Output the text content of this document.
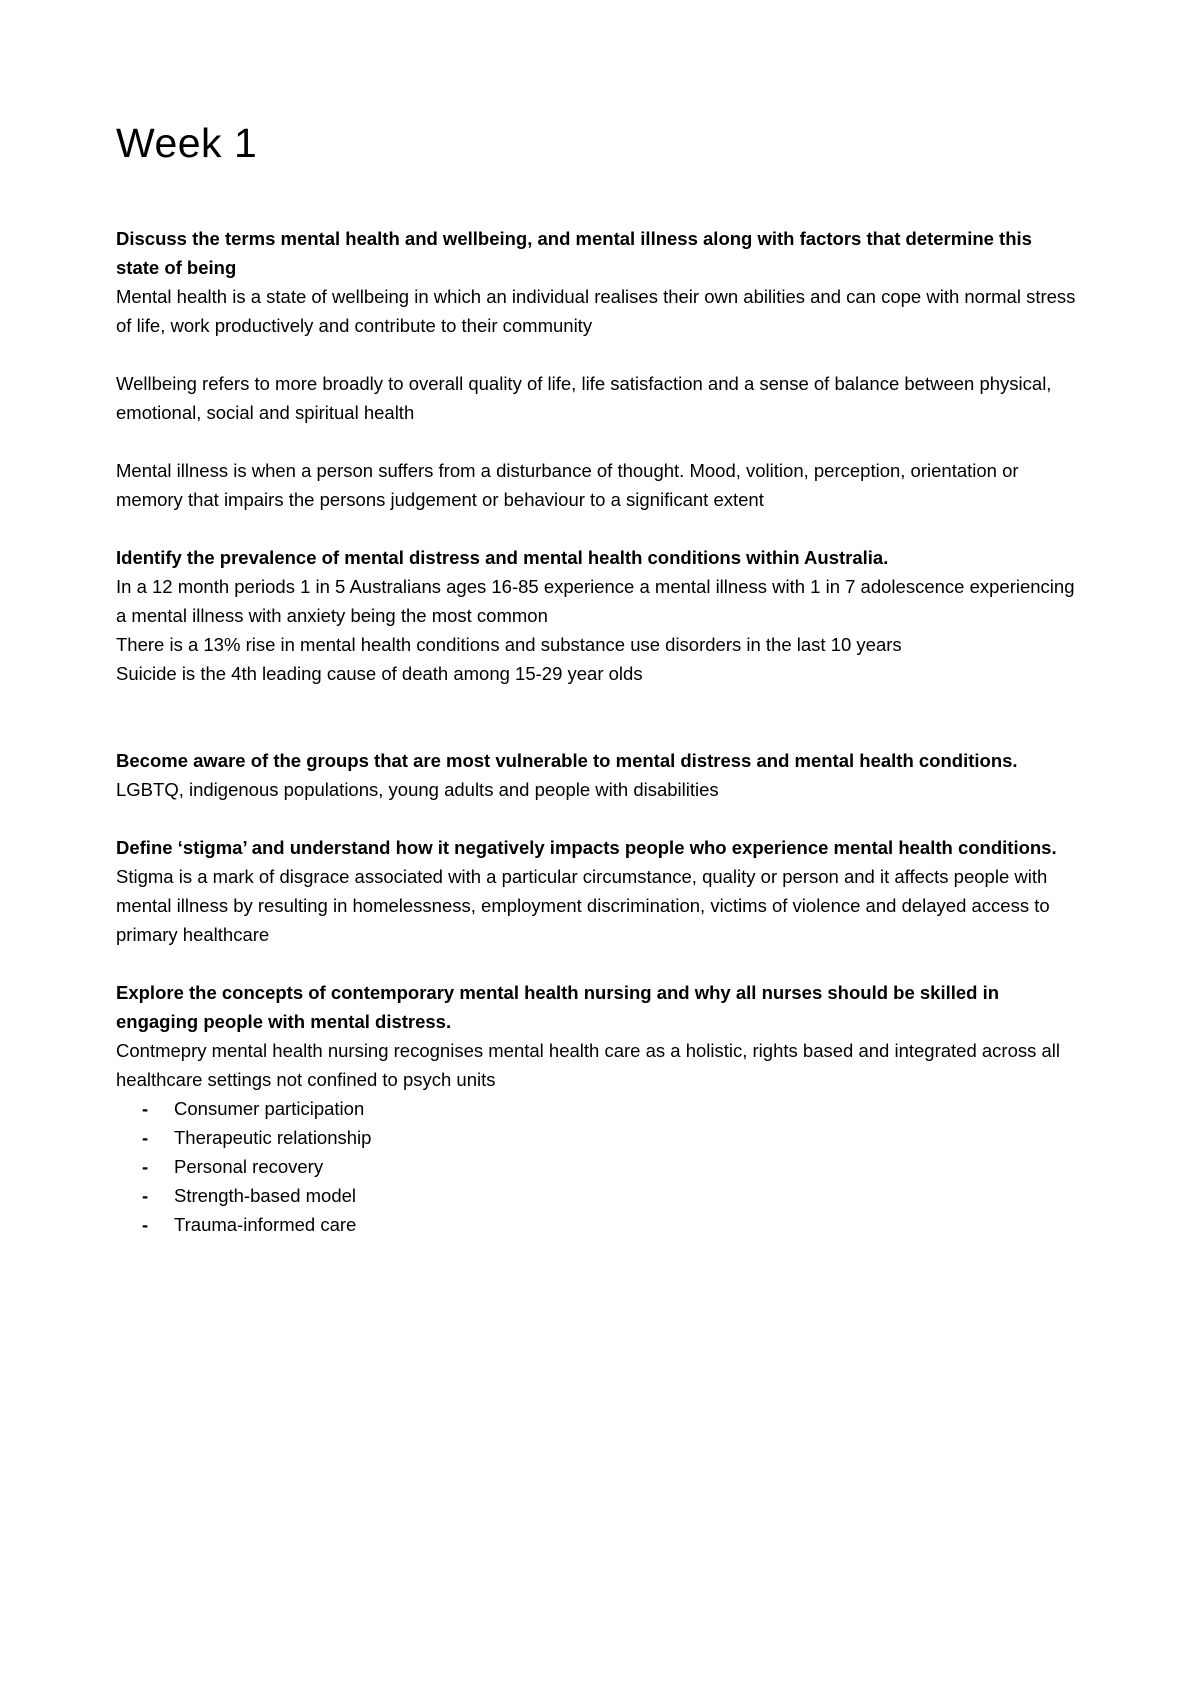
Week 1

Discuss the terms mental health and wellbeing, and mental illness along with factors that determine this state of being

Mental health is a state of wellbeing in which an individual realises their own abilities and can cope with normal stress of life, work productively and contribute to their community

Wellbeing refers to more broadly to overall quality of life, life satisfaction and a sense of balance between physical, emotional, social and spiritual health

Mental illness is when a person suffers from a disturbance of thought. Mood, volition, perception, orientation or memory that impairs the persons judgement or behaviour to a significant extent

Identify the prevalence of mental distress and mental health conditions within Australia.

In a 12 month periods 1 in 5 Australians ages 16-85 experience a mental illness with 1 in 7 adolescence experiencing a mental illness with anxiety being the most common

There is a 13% rise in mental health conditions and substance use disorders in the last 10 years

Suicide is the 4th leading cause of death among 15-29 year olds

Become aware of the groups that are most vulnerable to mental distress and mental health conditions.

LGBTQ, indigenous populations, young adults and people with disabilities

Define ‘stigma’ and understand how it negatively impacts people who experience mental health conditions.

Stigma is a mark of disgrace associated with a particular circumstance, quality or person and it affects people with mental illness by resulting in homelessness, employment discrimination, victims of violence and delayed access to primary healthcare

Explore the concepts of contemporary mental health nursing and why all nurses should be skilled in engaging people with mental distress.

Contmepry mental health nursing recognises mental health care as a holistic, rights based and integrated across all healthcare settings not confined to psych units

- Consumer participation
- Therapeutic relationship
- Personal recovery
- Strength-based model
- Trauma-informed care
